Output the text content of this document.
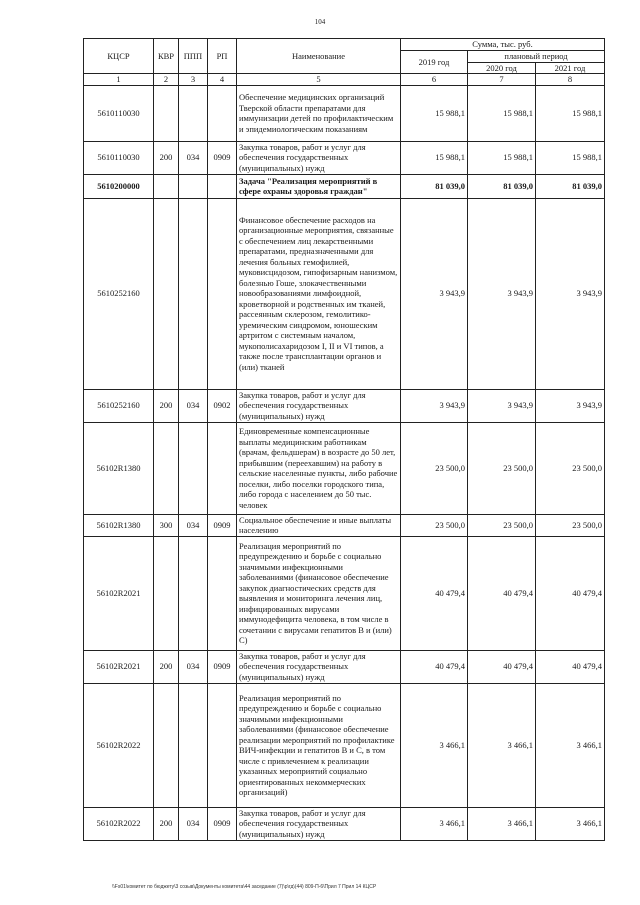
104
КЦСР	КВР	ППП	РП	Наименование	Сумма, тыс. руб.		
					2019 год	плановый период	
						2020 год	2021 год
1	2	3	4	5	6	7	8
5610110030				Обеспечение медицинских организаций Тверской области препаратами для иммунизации детей по профилактическим и эпидемиологическим показаниям	15 988,1	15 988,1	15 988,1
5610110030	200	034	0909	Закупка товаров, работ и услуг для обеспечения государственных (муниципальных) нужд	15 988,1	15 988,1	15 988,1
5610200000				Задача "Реализация мероприятий в сфере охраны здоровья граждан"	81 039,0	81 039,0	81 039,0
5610252160				Финансовое обеспечение расходов на организационные мероприятия, связанные с обеспечением лиц лекарственными препаратами, предназначенными для лечения больных гемофилией, муковисцидозом, гипофизарным нанизмом, болезнью Гоше, злокачественными новообразованиями лимфоидной, кроветворной и родственных им тканей, рассеянным склерозом, гемолитико-уремическим синдромом, юношеским артритом с системным началом, мукополисахаридозом I, II и VI типов, а также после трансплантации органов и (или) тканей	3 943,9	3 943,9	3 943,9
5610252160	200	034	0902	Закупка товаров, работ и услуг для обеспечения государственных (муниципальных) нужд	3 943,9	3 943,9	3 943,9
56102R1380				Единовременные компенсационные выплаты медицинским работникам (врачам, фельдшерам) в возрасте до 50 лет, прибывшим (переехавшим) на работу в сельские населенные пункты, либо рабочие поселки, либо поселки городского типа, либо города с населением до 50 тыс. человек	23 500,0	23 500,0	23 500,0
56102R1380	300	034	0909	Социальное обеспечение и иные выплаты населению	23 500,0	23 500,0	23 500,0
56102R2021				Реализация мероприятий по предупреждению и борьбе с социально значимыми инфекционными заболеваниями (финансовое обеспечение закупок диагностических средств для выявления и мониторинга лечения лиц, инфицированных вирусами иммунодефицита человека, в том числе в сочетании с вирусами гепатитов В и (или) С)	40 479,4	40 479,4	40 479,4
56102R2021	200	034	0909	Закупка товаров, работ и услуг для обеспечения государственных (муниципальных) нужд	40 479,4	40 479,4	40 479,4
56102R2022				Реализация мероприятий по предупреждению и борьбе с социально значимыми инфекционными заболеваниями (финансовое обеспечение реализации мероприятий по профилактике ВИЧ-инфекции и гепатитов В и С, в том числе с привлечением к реализации указанных мероприятий социально ориентированных некоммерческих организаций)	3 466,1	3 466,1	3 466,1
56102R2022	200	034	0909	Закупка товаров, работ и услуг для обеспечения государственных (муниципальных) нужд	3 466,1	3 466,1	3 466,1
\\Fs01\комитет по бюджету\3 созыв\Документы комитета\44 заседание (7)\р\гд\(44) 809-П-6\Прил 7 Прил 14 КЦСР
